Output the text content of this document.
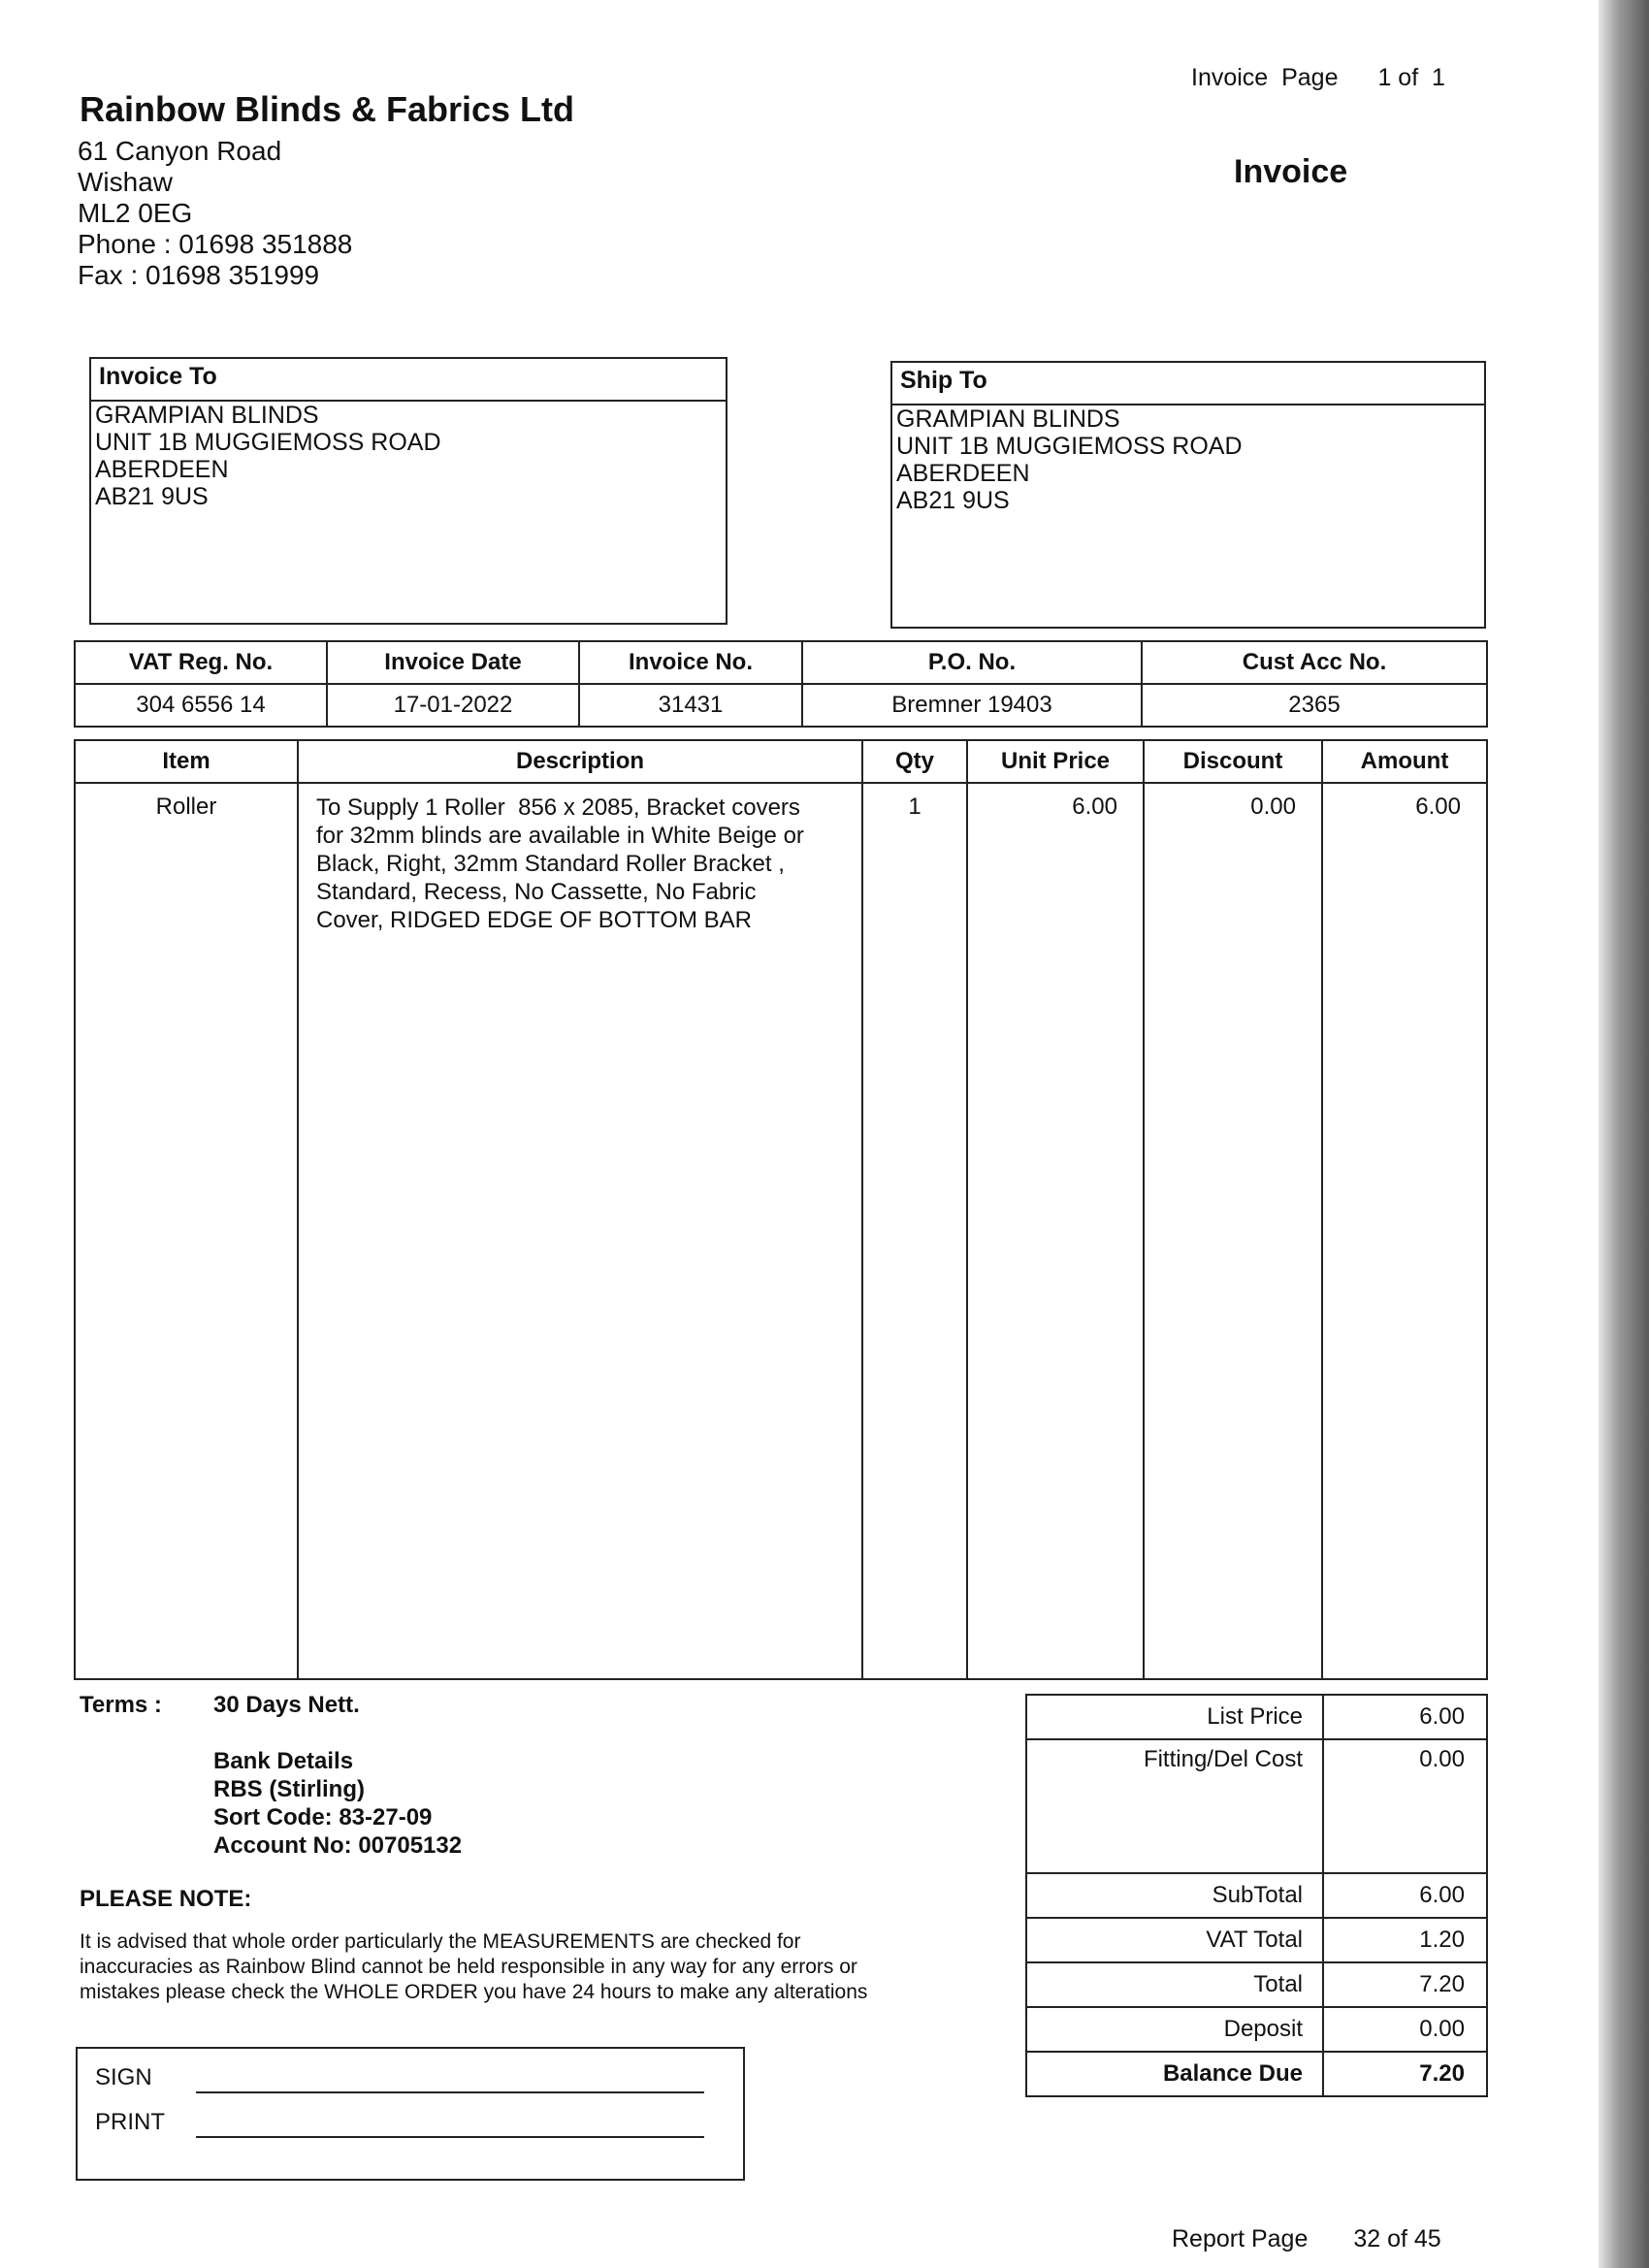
Rainbow Blinds & Fabrics Ltd
61 Canyon Road
Wishaw
ML2 0EG
Phone : 01698 351888
Fax : 01698 351999
Invoice  Page 1 of  1
Invoice
Invoice To
GRAMPIAN BLINDS
UNIT 1B MUGGIEMOSS ROAD
ABERDEEN
AB21 9US
Ship To
GRAMPIAN BLINDS
UNIT 1B MUGGIEMOSS ROAD
ABERDEEN
AB21 9US
VAT Reg. No.	Invoice Date	Invoice No.	P.O. No.	Cust Acc No.
304 6556 14	17-01-2022	31431	Bremner 19403	2365
Item	Description	Qty	Unit Price	Discount	Amount
Roller	To Supply 1 Roller  856 x 2085, Bracket covers
for 32mm blinds are available in White Beige or
Black, Right, 32mm Standard Roller Bracket ,
Standard, Recess, No Cassette, No Fabric
Cover, RIDGED EDGE OF BOTTOM BAR	1	6.00	0.00	6.00
Terms : 30 Days Nett.
Bank Details
RBS (Stirling)
Sort Code: 83-27-09
Account No: 00705132
PLEASE NOTE:
It is advised that whole order particularly the MEASUREMENTS are checked for
inaccuracies as Rainbow Blind cannot be held responsible in any way for any errors or
mistakes please check the WHOLE ORDER you have 24 hours to make any alterations
List Price	6.00
Fitting/Del Cost	0.00
SubTotal	6.00
VAT Total	1.20
Total	7.20
Deposit	0.00
Balance Due	7.20
SIGN
PRINT
Report Page 32 of 45
